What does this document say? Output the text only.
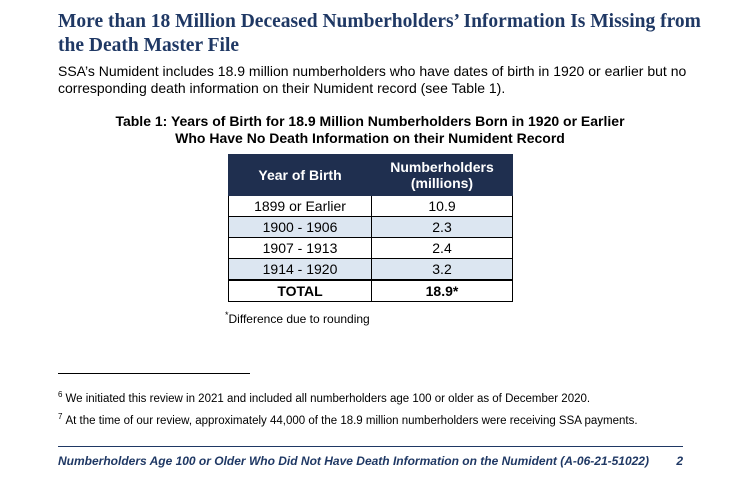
More than 18 Million Deceased Numberholders’ Information Is Missing from the Death Master File

SSA’s Numident includes 18.9 million numberholders who have dates of birth in 1920 or earlier but no corresponding death information on their Numident record (see Table 1).

Table 1: Years of Birth for 18.9 Million Numberholders Born in 1920 or Earlier
Who Have No Death Information on their Numident Record
Year of Birth	Numberholders
(millions)
1899 or Earlier	10.9
1900 - 1906	2.3
1907 - 1913	2.4
1914 - 1920	3.2
TOTAL	18.9*

*Difference due to rounding

$^6$ We initiated this review in 2021 and included all numberholders age 100 or older as of December 2020.

$^7$ At the time of our review, approximately 44,000 of the 18.9 million numberholders were receiving SSA payments.

Numberholders Age 100 or Older Who Did Not Have Death Information on the Numident (A-06-21-51022) 2
